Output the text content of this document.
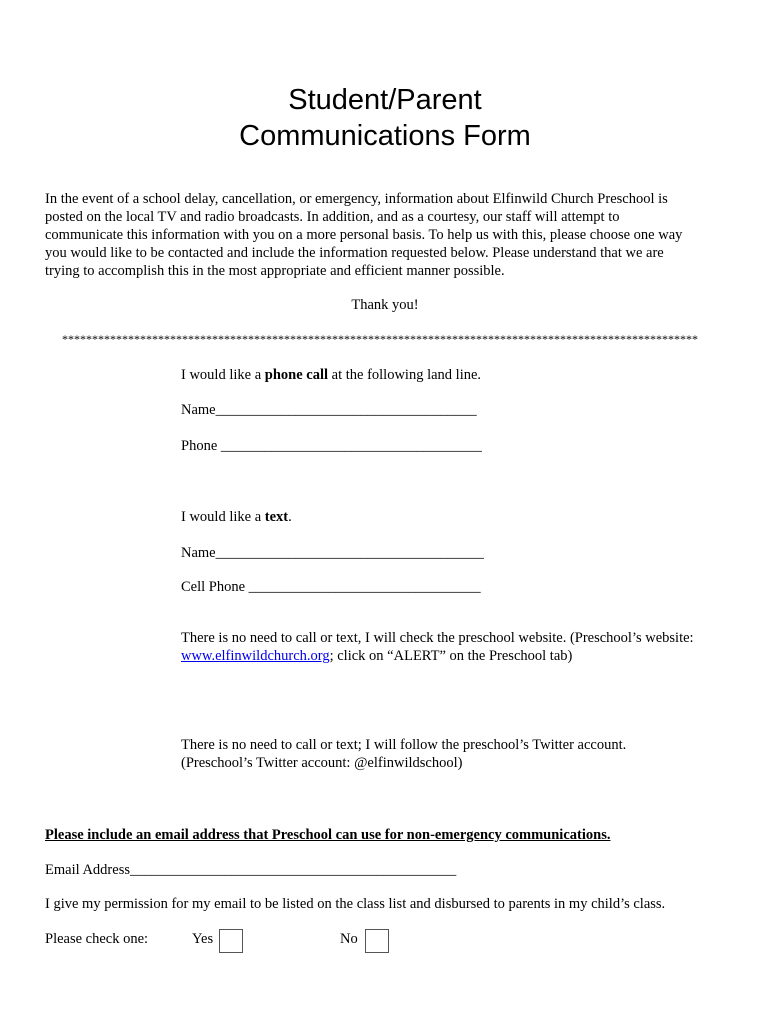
Student/Parent
Communications Form

In the event of a school delay, cancellation, or emergency, information about Elfinwild Church Preschool is

posted on the local TV and radio broadcasts. In addition, and as a courtesy, our staff will attempt to

communicate this information with you on a more personal basis. To help us with this, please choose one way

you would like to be contacted and include the information requested below. Please understand that we are

trying to accomplish this in the most appropriate and efficient manner possible.

Thank you!
**********************************************************************************************************
I would like a phone call at the following land line.
Name____________________________________
Phone ____________________________________
I would like a text.
Name_____________________________________
Cell Phone ________________________________
There is no need to call or text, I will check the preschool website. (Preschool’s website:
www.elfinwildchurch.org; click on “ALERT” on the Preschool tab)
There is no need to call or text; I will follow the preschool’s Twitter account.
(Preschool’s Twitter account: @elfinwildschool)
Please include an email address that Preschool can use for non-emergency communications.
Email Address_____________________________________________
I give my permission for my email to be listed on the class list and disbursed to parents in my child’s class.
Please check one:	Yes	No
